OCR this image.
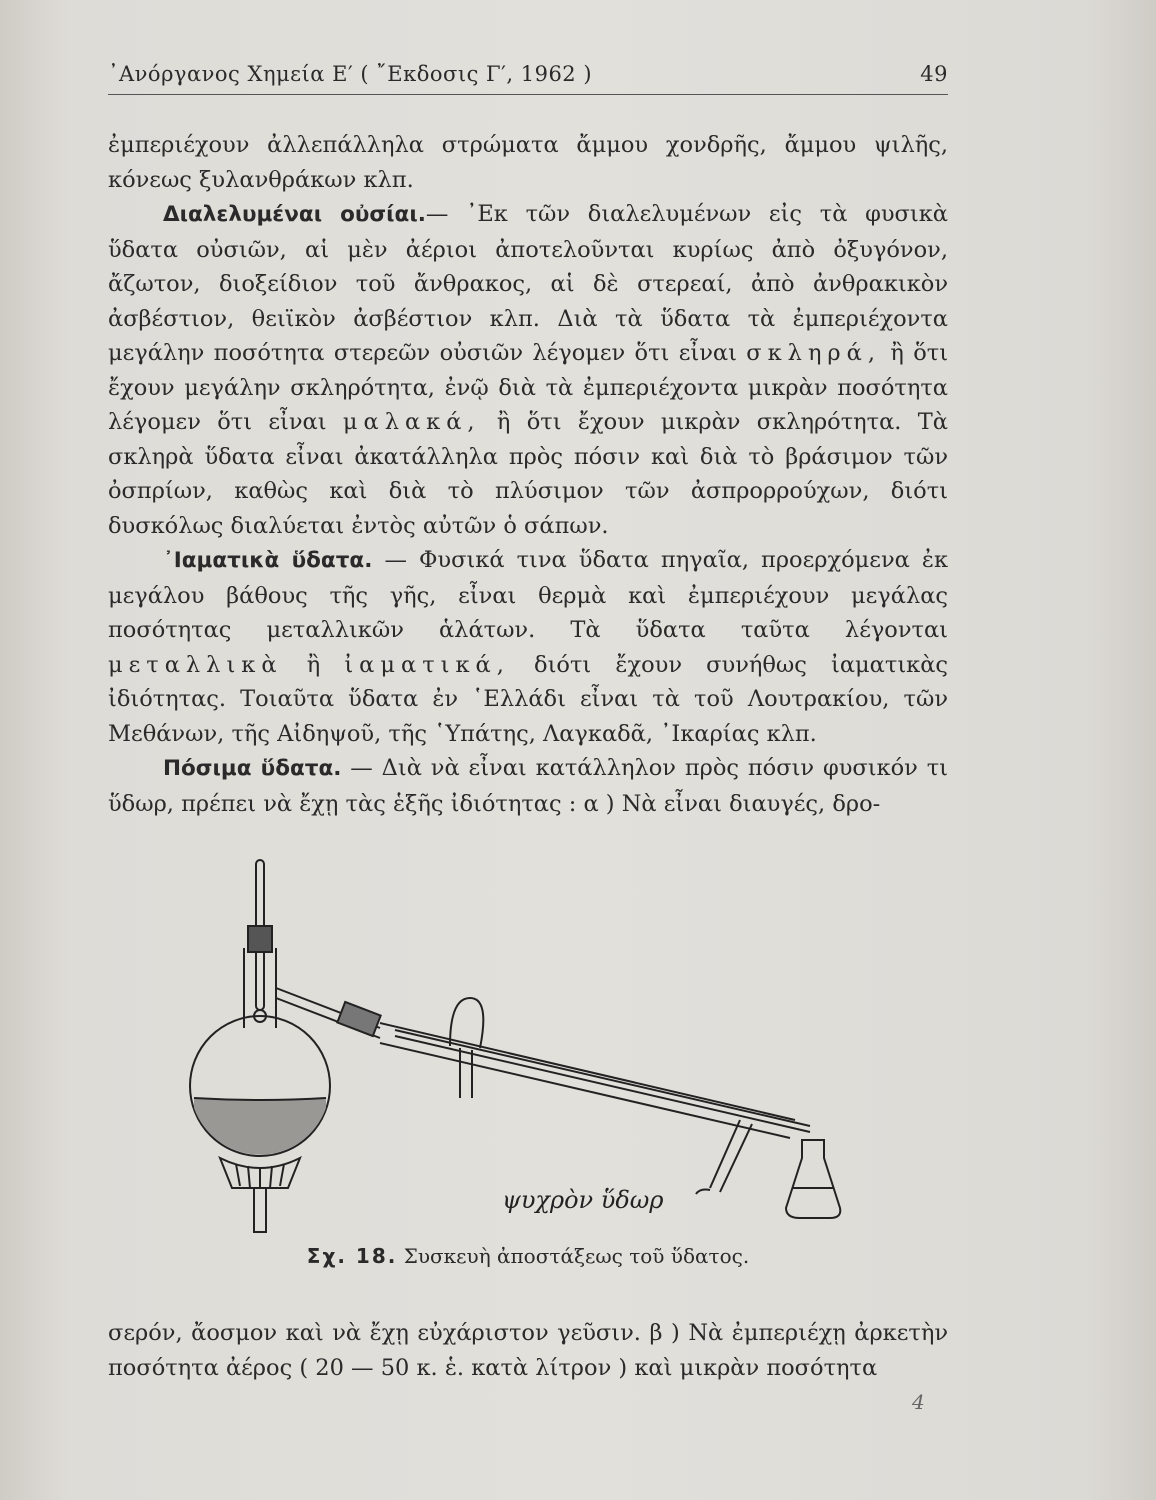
᾿Ανόργανος Χημεία Ε′ ( ῎Εκδοσις Γ′, 1962 )	49

ἐμπεριέχουν ἀλλεπάλληλα στρώματα ἄμμου χονδρῆς, ἄμμου ψιλῆς, κόνεως ξυλανθράκων κλπ.

Διαλελυμέναι οὐσίαι.— ᾿Εκ τῶν διαλελυμένων εἰς τὰ φυσικὰ ὕδατα οὐσιῶν, αἱ μὲν ἀέριοι ἀποτελοῦνται κυρίως ἀπὸ ὀξυγόνον, ἄζωτον, διοξείδιον τοῦ ἄνθρακος, αἱ δὲ στερεαί, ἀπὸ ἀνθρακικὸν ἀσβέστιον, θειϊκὸν ἀσβέστιον κλπ. Διὰ τὰ ὕδατα τὰ ἐμπεριέχοντα μεγάλην ποσότητα στερεῶν οὐσιῶν λέγομεν ὅτι εἶναι σκληρά, ἢ ὅτι ἔχουν μεγάλην σκληρότητα, ἐνῷ διὰ τὰ ἐμπεριέχοντα μικρὰν ποσότητα λέγομεν ὅτι εἶναι μαλακά, ἢ ὅτι ἔχουν μικρὰν σκληρότητα. Τὰ σκληρὰ ὕδατα εἶναι ἀκατάλληλα πρὸς πόσιν καὶ διὰ τὸ βράσιμον τῶν ὀσπρίων, καθὼς καὶ διὰ τὸ πλύσιμον τῶν ἀσπρορρούχων, διότι δυσκόλως διαλύεται ἐντὸς αὐτῶν ὁ σάπων.

᾿Ιαματικὰ ὕδατα. — Φυσικά τινα ὕδατα πηγαῖα, προερχόμενα ἐκ μεγάλου βάθους τῆς γῆς, εἶναι θερμὰ καὶ ἐμπεριέχουν μεγάλας ποσότητας μεταλλικῶν ἁλάτων. Τὰ ὕδατα ταῦτα λέγονται μεταλλικὰ ἢ ἰαματικά, διότι ἔχουν συνήθως ἰαματικὰς ἰδιότητας. Τοιαῦτα ὕδατα ἐν ῾Ελλάδι εἶναι τὰ τοῦ Λουτρακίου, τῶν Μεθάνων, τῆς Αἰδηψοῦ, τῆς ῾Υπάτης, Λαγκαδᾶ, ᾿Ικαρίας κλπ.

Πόσιμα ὕδατα. — Διὰ νὰ εἶναι κατάλληλον πρὸς πόσιν φυσικόν τι ὕδωρ, πρέπει νὰ ἔχῃ τὰς ἑξῆς ἰδιότητας : α ) Νὰ εἶναι διαυγές, δρο-

ψυχρὸν ὕδωρ
Σχ. 18. Συσκευὴ ἀποστάξεως τοῦ ὕδατος.

σερόν, ἄοσμον καὶ νὰ ἔχῃ εὐχάριστον γεῦσιν. β ) Νὰ ἐμπεριέχῃ ἀρκετὴν ποσότητα ἀέρος ( 20 — 50 κ. ἑ. κατὰ λίτρον ) καὶ μικρὰν ποσότητα

4
